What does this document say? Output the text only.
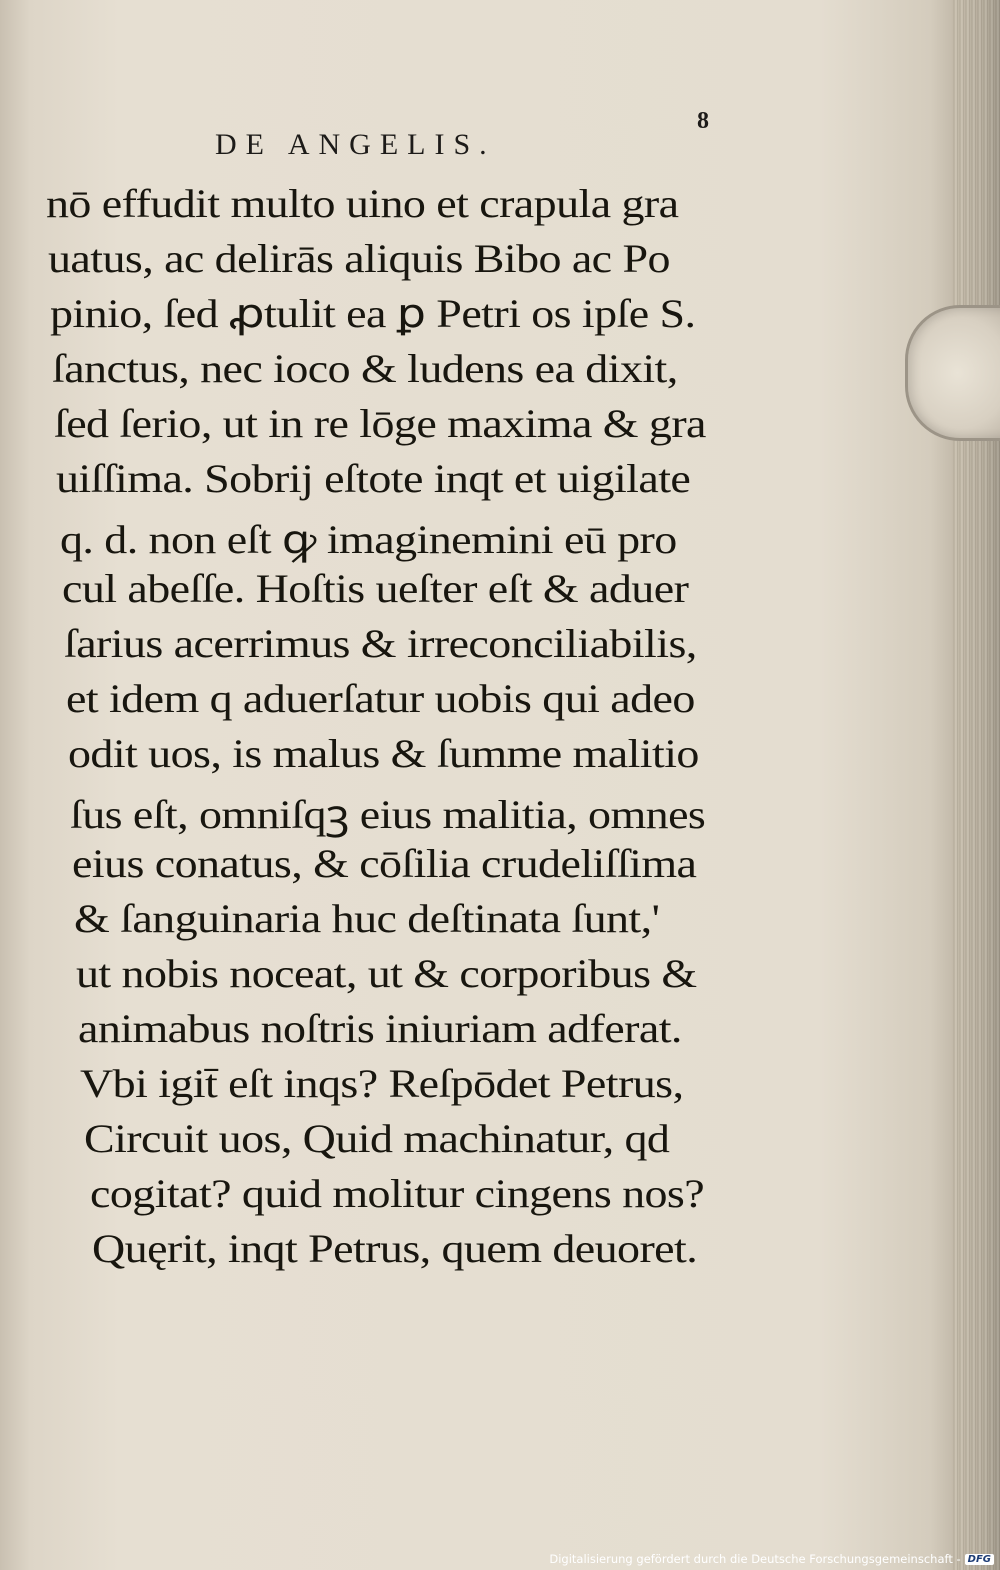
DE ANGELIS.
8
nō effudit multo uino et crapula gra
uatus, ac delirās aliquis Bibo ac Po
pinio, ſed ꝓtulit ea ꝑ Petri os ipſe S.
ſanctus, nec ioco & ludens ea dixit,
ſed ſerio, ut in re lōge maxima & gra
uiſſima. Sobrij eſtote inqt et uigilate
q. d. non eſt ꝙ imaginemini eū pro
cul abeſſe. Hoſtis ueſter eſt & aduer
ſarius acerrimus & irreconciliabilis,
et idem q aduerſatur uobis qui adeo
odit uos, is malus & ſumme malitio
ſus eſt, omniſqꝫ eius malitia, omnes
eius conatus, & cōſilia crudeliſſima
& ſanguinaria huc deſtinata ſunt,'
ut nobis noceat, ut & corporibus &
animabus noſtris iniuriam adferat.
Vbi igit̄ eſt inqs? Reſpōdet Petrus,
Circuit uos, Quid machinatur, qd
cogitat? quid molitur cingens nos?
Quęrit, inqt Petrus, quem deuoret.
Digitalisierung gefördert durch die Deutsche Forschungsgemeinschaft - DFG
